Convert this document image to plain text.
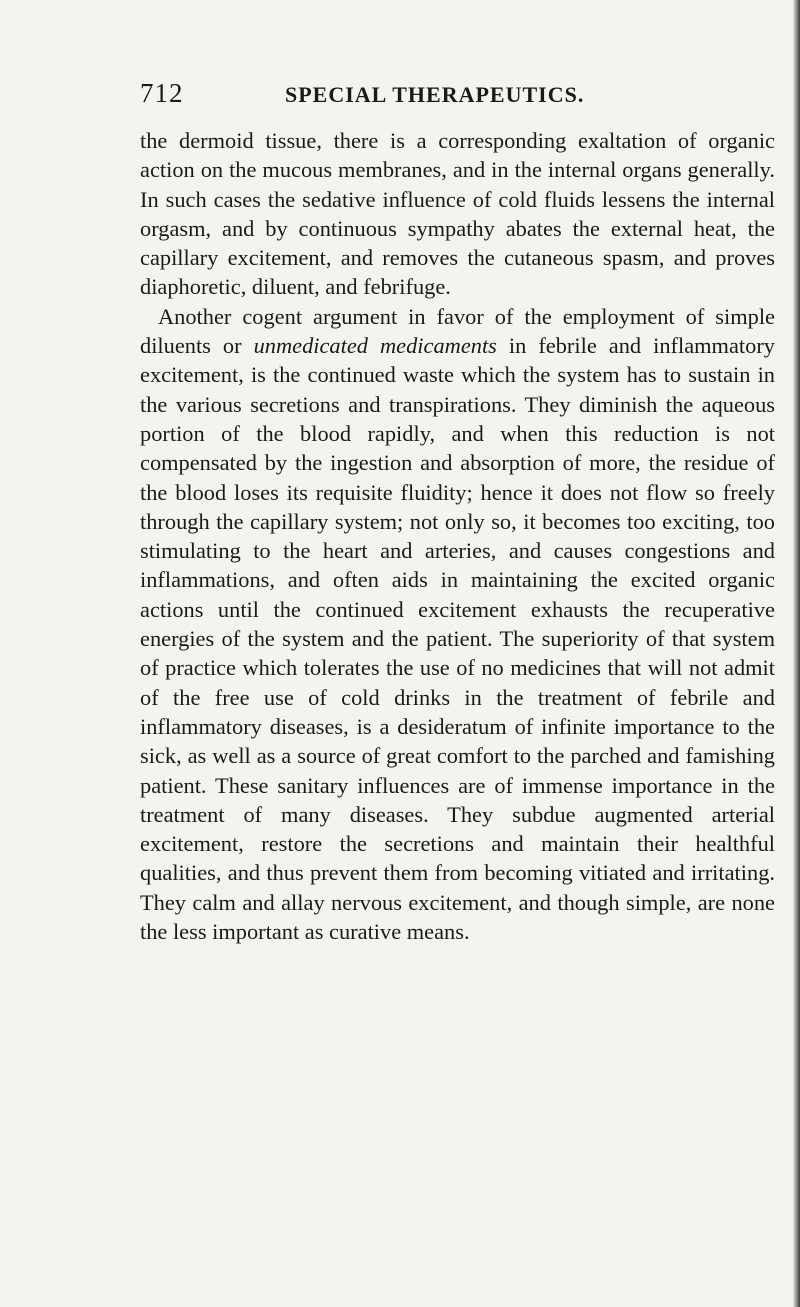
712	SPECIAL THERAPEUTICS.

the dermoid tissue, there is a corresponding exaltation of organic action on the mucous membranes, and in the internal organs generally. In such cases the sedative influence of cold fluids lessens the internal orgasm, and by continuous sympathy abates the external heat, the capillary excitement, and removes the cutaneous spasm, and proves diaphoretic, diluent, and febrifuge.

Another cogent argument in favor of the employment of simple diluents or unmedicated medicaments in febrile and inflammatory excitement, is the continued waste which the system has to sustain in the various secretions and transpirations. They diminish the aqueous portion of the blood rapidly, and when this reduction is not compensated by the ingestion and absorption of more, the residue of the blood loses its requisite fluidity; hence it does not flow so freely through the capillary system; not only so, it becomes too exciting, too stimulating to the heart and arteries, and causes congestions and inflammations, and often aids in maintaining the excited organic actions until the continued excitement exhausts the recuperative energies of the system and the patient. The superiority of that system of practice which tolerates the use of no medicines that will not admit of the free use of cold drinks in the treatment of febrile and inflammatory diseases, is a desideratum of infinite importance to the sick, as well as a source of great comfort to the parched and famishing patient. These sanitary influences are of immense importance in the treatment of many diseases. They subdue augmented arterial excitement, restore the secretions and maintain their healthful qualities, and thus prevent them from becoming vitiated and irritating. They calm and allay nervous excitement, and though simple, are none the less important as curative means.
